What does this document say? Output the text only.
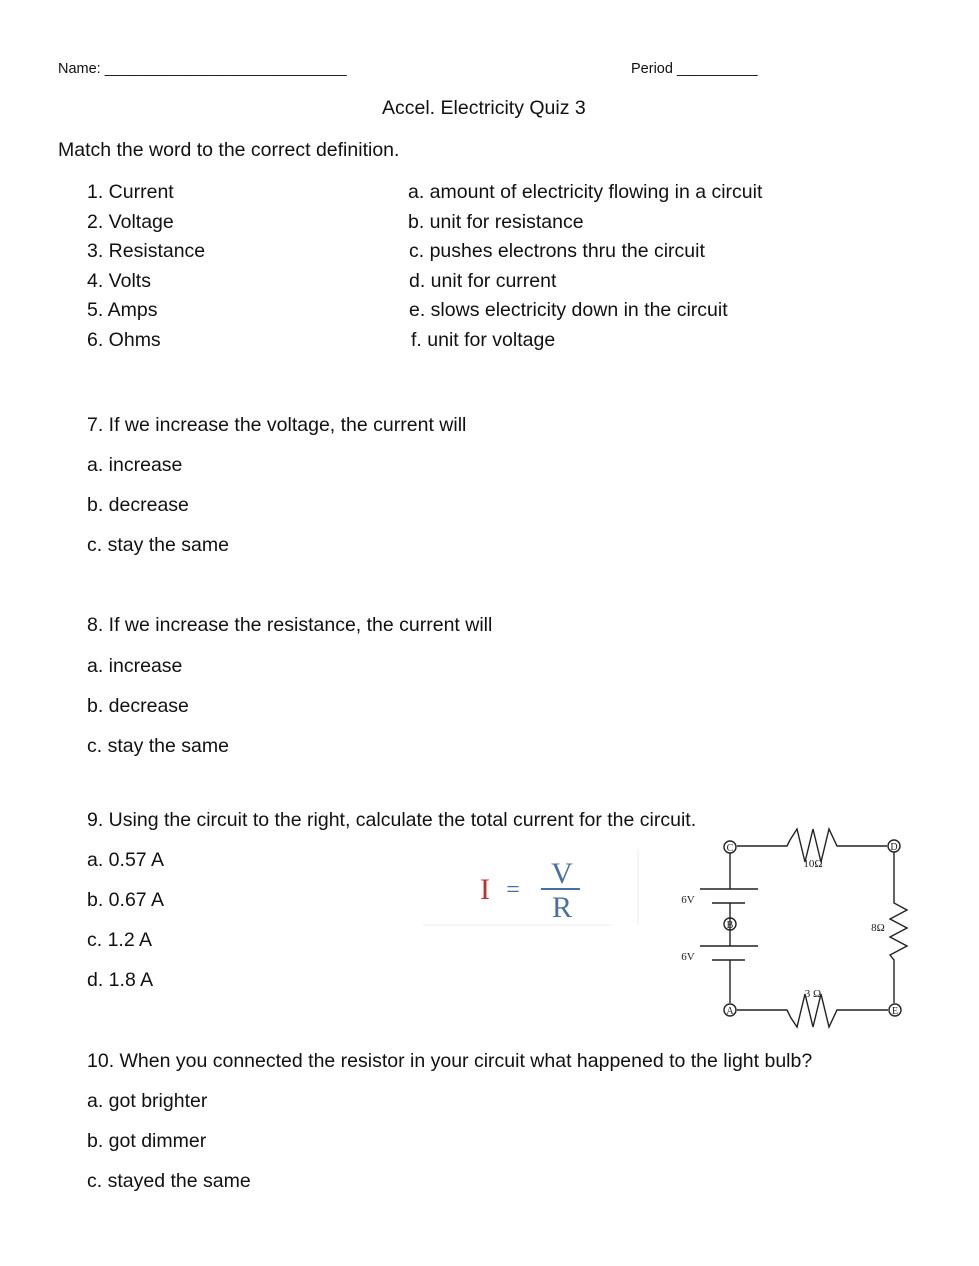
Name: ______________________________	Period __________
Accel. Electricity Quiz 3
Match the word to the correct definition.
1. Current
2. Voltage
3. Resistance
4. Volts
5. Amps
6. Ohms
a. amount of electricity flowing in a circuit
b. unit for resistance
c. pushes electrons thru the circuit
d. unit for current
e. slows electricity down in the circuit
f. unit for voltage
7. If we increase the voltage, the current will
a. increase
b. decrease
c. stay the same
8. If we increase the resistance, the current will
a. increase
b. decrease
c. stay the same
9. Using the circuit to the right, calculate the total current for the circuit.
a. 0.57 A
b. 0.67 A
c. 1.2 A
d. 1.8 A
10. When you connected the resistor in your circuit what happened to the light bulb?
a. got brighter
b. got dimmer
c. stayed the same
I = V
R
C
B
A
D
E
6V
6V
10Ω
8Ω
3 Ω
